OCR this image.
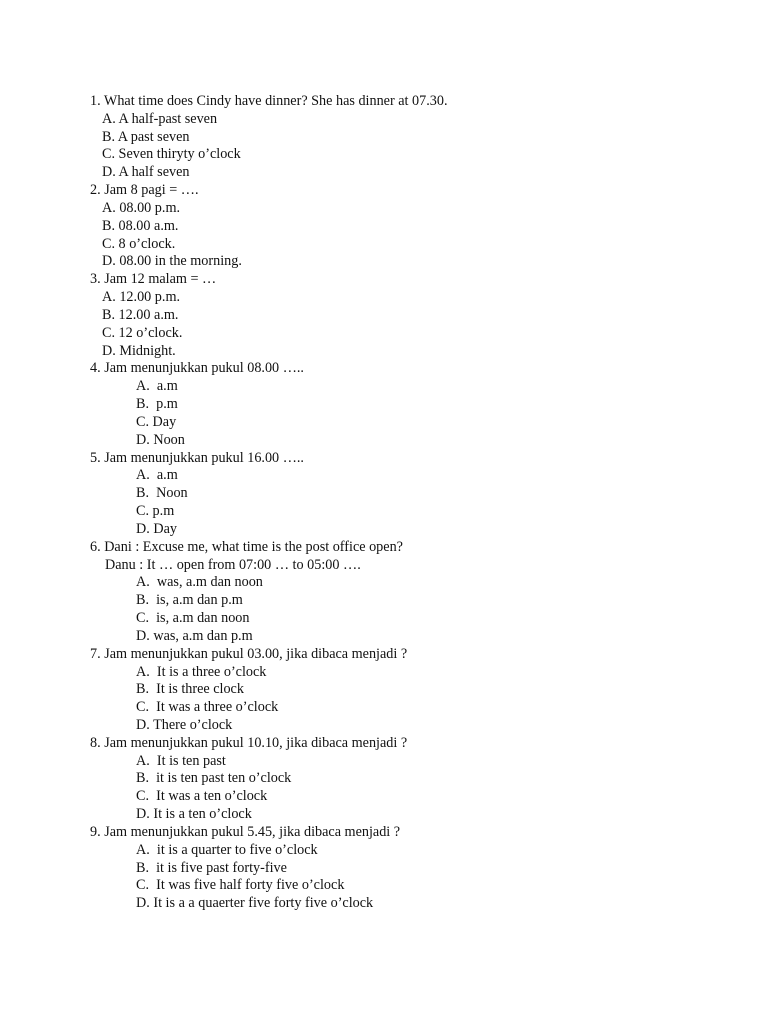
1. What time does Cindy have dinner? She has dinner at 07.30.
A. A half-past seven
B. A past seven
C. Seven thiryty o’clock
D. A half seven
2. Jam 8 pagi = ….
A. 08.00 p.m.
B. 08.00 a.m.
C. 8 o’clock.
D. 08.00 in the morning.
3. Jam 12 malam = …
A. 12.00 p.m.
B. 12.00 a.m.
C. 12 o’clock.
D. Midnight.
4. Jam menunjukkan pukul 08.00 …..
A.  a.m
B.  p.m
C. Day
D. Noon
5. Jam menunjukkan pukul 16.00 …..
A.  a.m
B.  Noon
C. p.m
D. Day
6. Dani : Excuse me, what time is the post office open?
Danu : It … open from 07:00 … to 05:00 ….
A.  was, a.m dan noon
B.  is, a.m dan p.m
C.  is, a.m dan noon
D. was, a.m dan p.m
7. Jam menunjukkan pukul 03.00, jika dibaca menjadi ?
A.  It is a three o’clock
B.  It is three clock
C.  It was a three o’clock
D. There o’clock
8. Jam menunjukkan pukul 10.10, jika dibaca menjadi ?
A.  It is ten past
B.  it is ten past ten o’clock
C.  It was a ten o’clock
D. It is a ten o’clock
9. Jam menunjukkan pukul 5.45, jika dibaca menjadi ?
A.  it is a quarter to five o’clock
B.  it is five past forty-five
C.  It was five half forty five o’clock
D. It is a a quaerter five forty five o’clock
